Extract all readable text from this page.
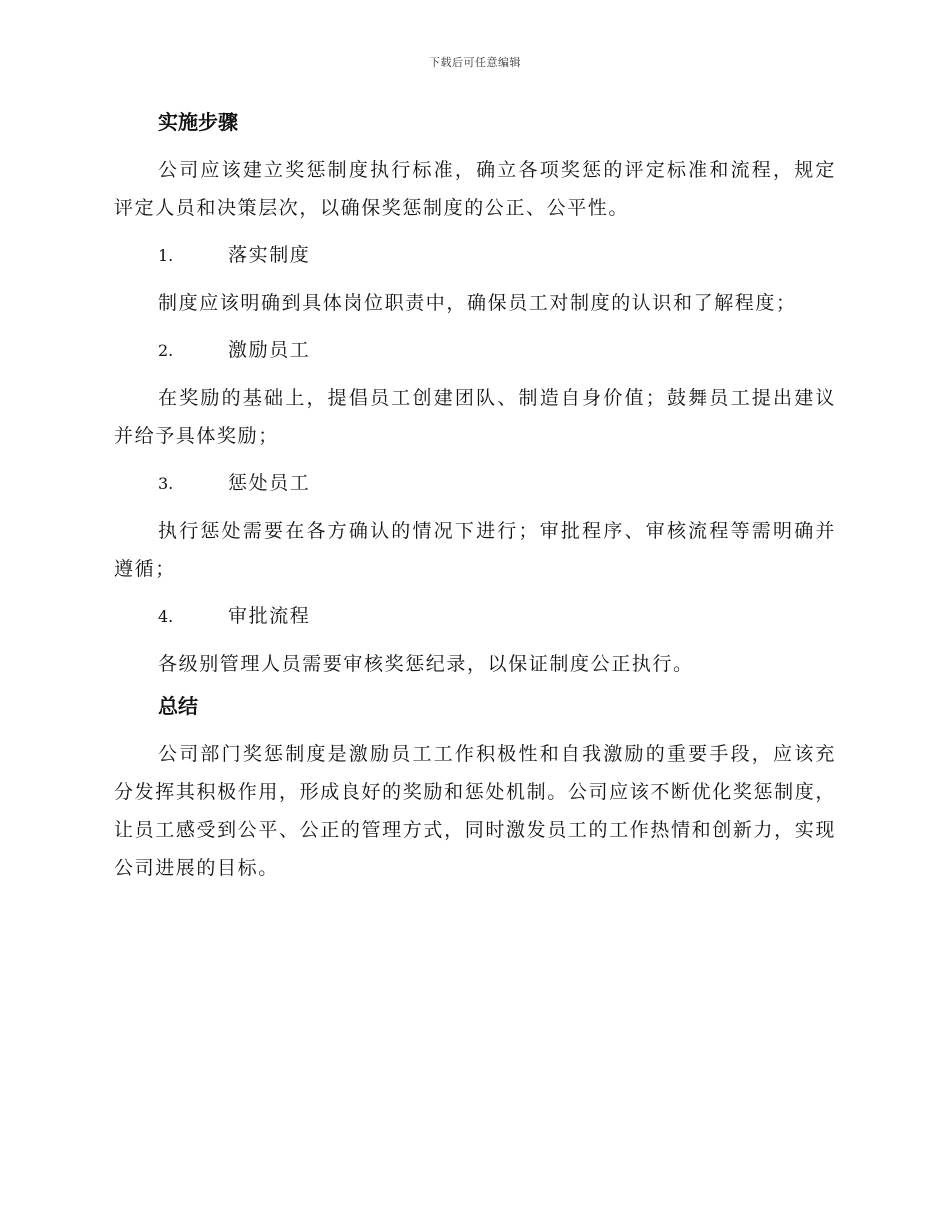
下载后可任意编辑
实施步骤
公司应该建立奖惩制度执行标准，确立各项奖惩的评定标准和流程，规定评定人员和决策层次，以确保奖惩制度的公正、公平性。
1.	落实制度
制度应该明确到具体岗位职责中，确保员工对制度的认识和了解程度；
2.	激励员工
在奖励的基础上，提倡员工创建团队、制造自身价值；鼓舞员工提出建议并给予具体奖励；
3.	惩处员工
执行惩处需要在各方确认的情况下进行；审批程序、审核流程等需明确并遵循；
4.	审批流程
各级别管理人员需要审核奖惩纪录，以保证制度公正执行。
总结
公司部门奖惩制度是激励员工工作积极性和自我激励的重要手段，应该充分发挥其积极作用，形成良好的奖励和惩处机制。公司应该不断优化奖惩制度，让员工感受到公平、公正的管理方式，同时激发员工的工作热情和创新力，实现公司进展的目标。
